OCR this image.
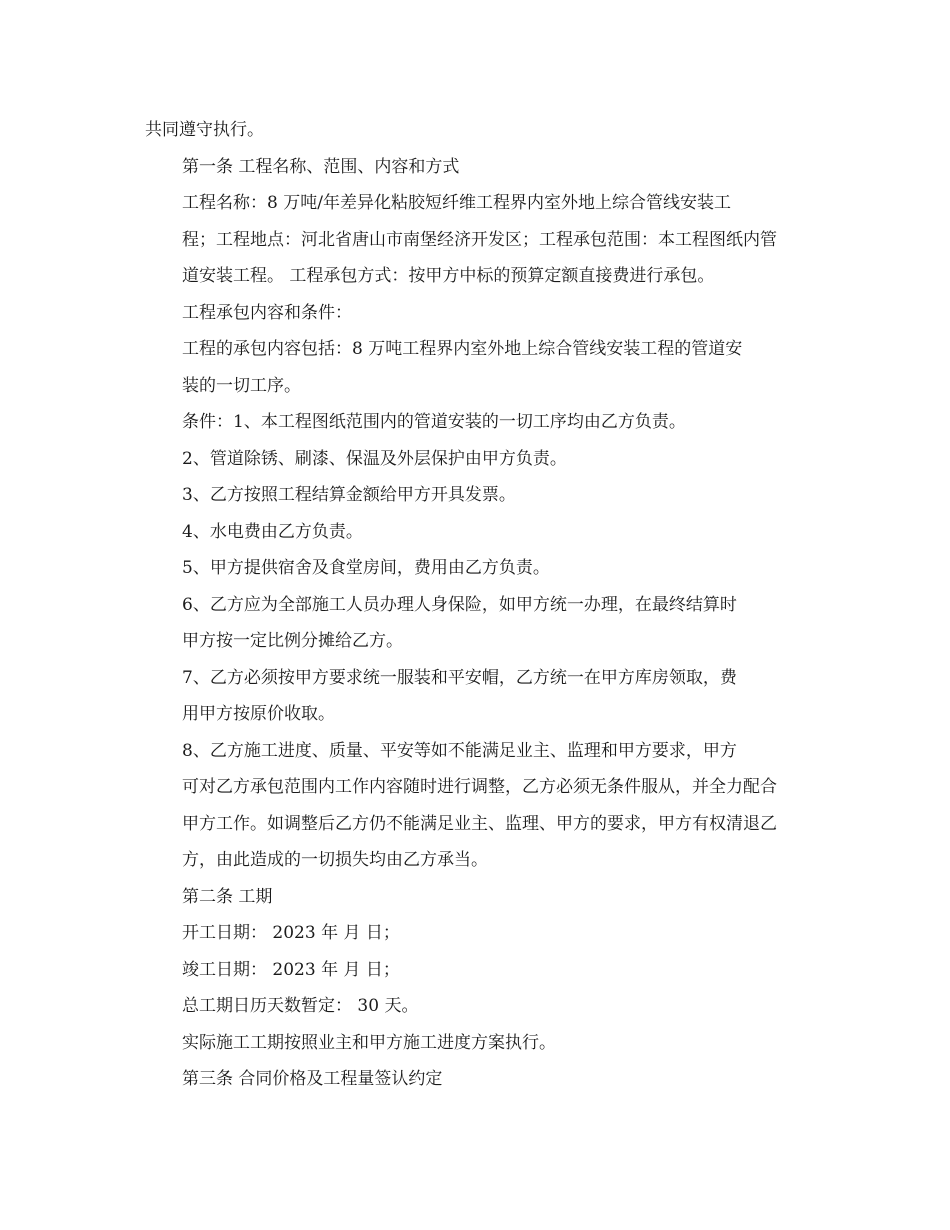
共同遵守执行。
第一条 工程名称、范围、内容和方式
工程名称：8 万吨/年差异化粘胶短纤维工程界内室外地上综合管线安装工
程；工程地点：河北省唐山市南堡经济开发区；工程承包范围：本工程图纸内管
道安装工程。 工程承包方式：按甲方中标的预算定额直接费进行承包。
工程承包内容和条件：
工程的承包内容包括：8 万吨工程界内室外地上综合管线安装工程的管道安
装的一切工序。
条件：1、本工程图纸范围内的管道安装的一切工序均由乙方负责。
2、管道除锈、刷漆、保温及外层保护由甲方负责。
3、乙方按照工程结算金额给甲方开具发票。
4、水电费由乙方负责。
5、甲方提供宿舍及食堂房间，费用由乙方负责。
6、乙方应为全部施工人员办理人身保险，如甲方统一办理，在最终结算时
甲方按一定比例分摊给乙方。
7、乙方必须按甲方要求统一服装和平安帽，乙方统一在甲方库房领取，费
用甲方按原价收取。
8、乙方施工进度、质量、平安等如不能满足业主、监理和甲方要求，甲方
可对乙方承包范围内工作内容随时进行调整，乙方必须无条件服从，并全力配合
甲方工作。如调整后乙方仍不能满足业主、监理、甲方的要求，甲方有权清退乙
方，由此造成的一切损失均由乙方承当。
第二条 工期
开工日期： 2023 年 月 日；
竣工日期： 2023 年 月 日；
总工期日历天数暂定： 30 天。
实际施工工期按照业主和甲方施工进度方案执行。
第三条 合同价格及工程量签认约定
